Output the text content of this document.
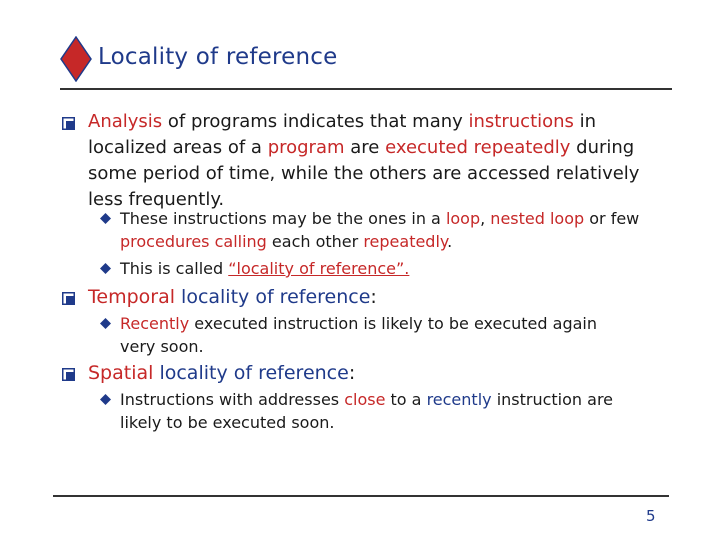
Locality of reference
Analysis of programs indicates that many instructions in
localized areas of a program are executed repeatedly during
some period of time, while the others are accessed relatively
less frequently.
These instructions may be the ones in a loop, nested loop or few
procedures calling each other repeatedly.
This is called “locality of reference”.
Temporal locality of reference:
Recently executed instruction is likely to be executed again
very soon.
Spatial locality of reference:
Instructions with addresses close to a recently instruction are
likely to be executed soon.
5
